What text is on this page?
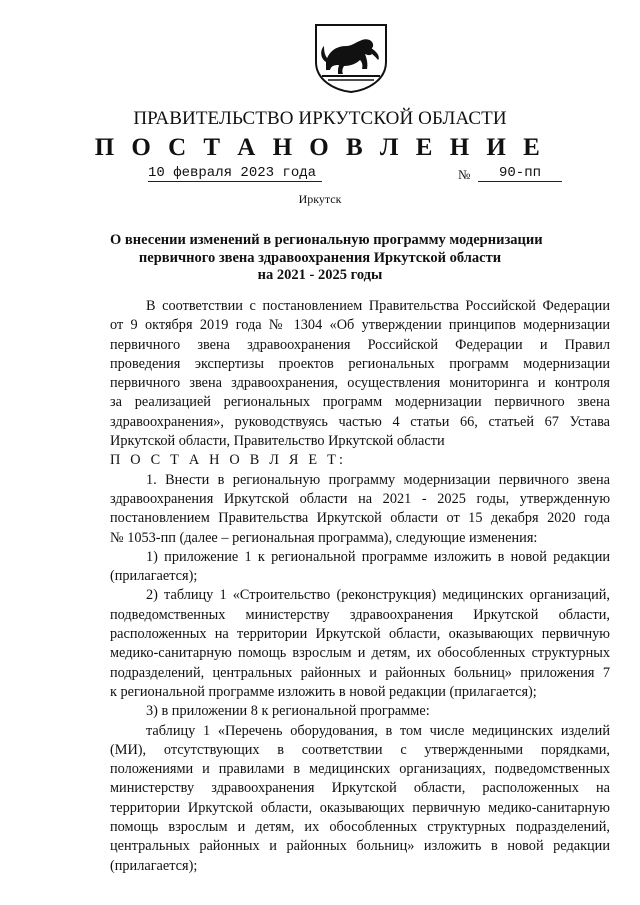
ПРАВИТЕЛЬСТВО ИРКУТСКОЙ ОБЛАСТИ
П О С Т А Н О В Л Е Н И Е
10 февраля 2023 года	№	90-пп
Иркутск
О внесении изменений в региональную программу модернизации
первичного звена здравоохранения Иркутской области
на 2021 - 2025 годы
В соответствии с постановлением Правительства Российской Федерации
от 9 октября 2019 года № 1304 «Об утверждении принципов модернизации
первичного звена здравоохранения Российской Федерации и Правил
проведения экспертизы проектов региональных программ модернизации
первичного звена здравоохранения, осуществления мониторинга и контроля
за реализацией региональных программ модернизации первичного звена
здравоохранения», руководствуясь частью 4 статьи 66, статьей 67 Устава
Иркутской области, Правительство Иркутской области
П О С Т А Н О В Л Я Е Т:
1. Внести в региональную программу модернизации первичного звена
здравоохранения Иркутской области на 2021 - 2025 годы, утвержденную
постановлением Правительства Иркутской области от 15 декабря 2020 года
№ 1053-пп (далее – региональная программа), следующие изменения:
1) приложение 1 к региональной программе изложить в новой редакции
(прилагается);
2) таблицу 1 «Строительство (реконструкция) медицинских организаций,
подведомственных министерству здравоохранения Иркутской области,
расположенных на территории Иркутской области, оказывающих первичную
медико-санитарную помощь взрослым и детям, их обособленных структурных
подразделений, центральных районных и районных больниц» приложения 7
к региональной программе изложить в новой редакции (прилагается);
3) в приложении 8 к региональной программе:
таблицу 1 «Перечень оборудования, в том числе медицинских изделий
(МИ), отсутствующих в соответствии с утвержденными порядками,
положениями и правилами в медицинских организациях, подведомственных
министерству здравоохранения Иркутской области, расположенных на
территории Иркутской области, оказывающих первичную медико-санитарную
помощь взрослым и детям, их обособленных структурных подразделений,
центральных районных и районных больниц» изложить в новой редакции
(прилагается);
